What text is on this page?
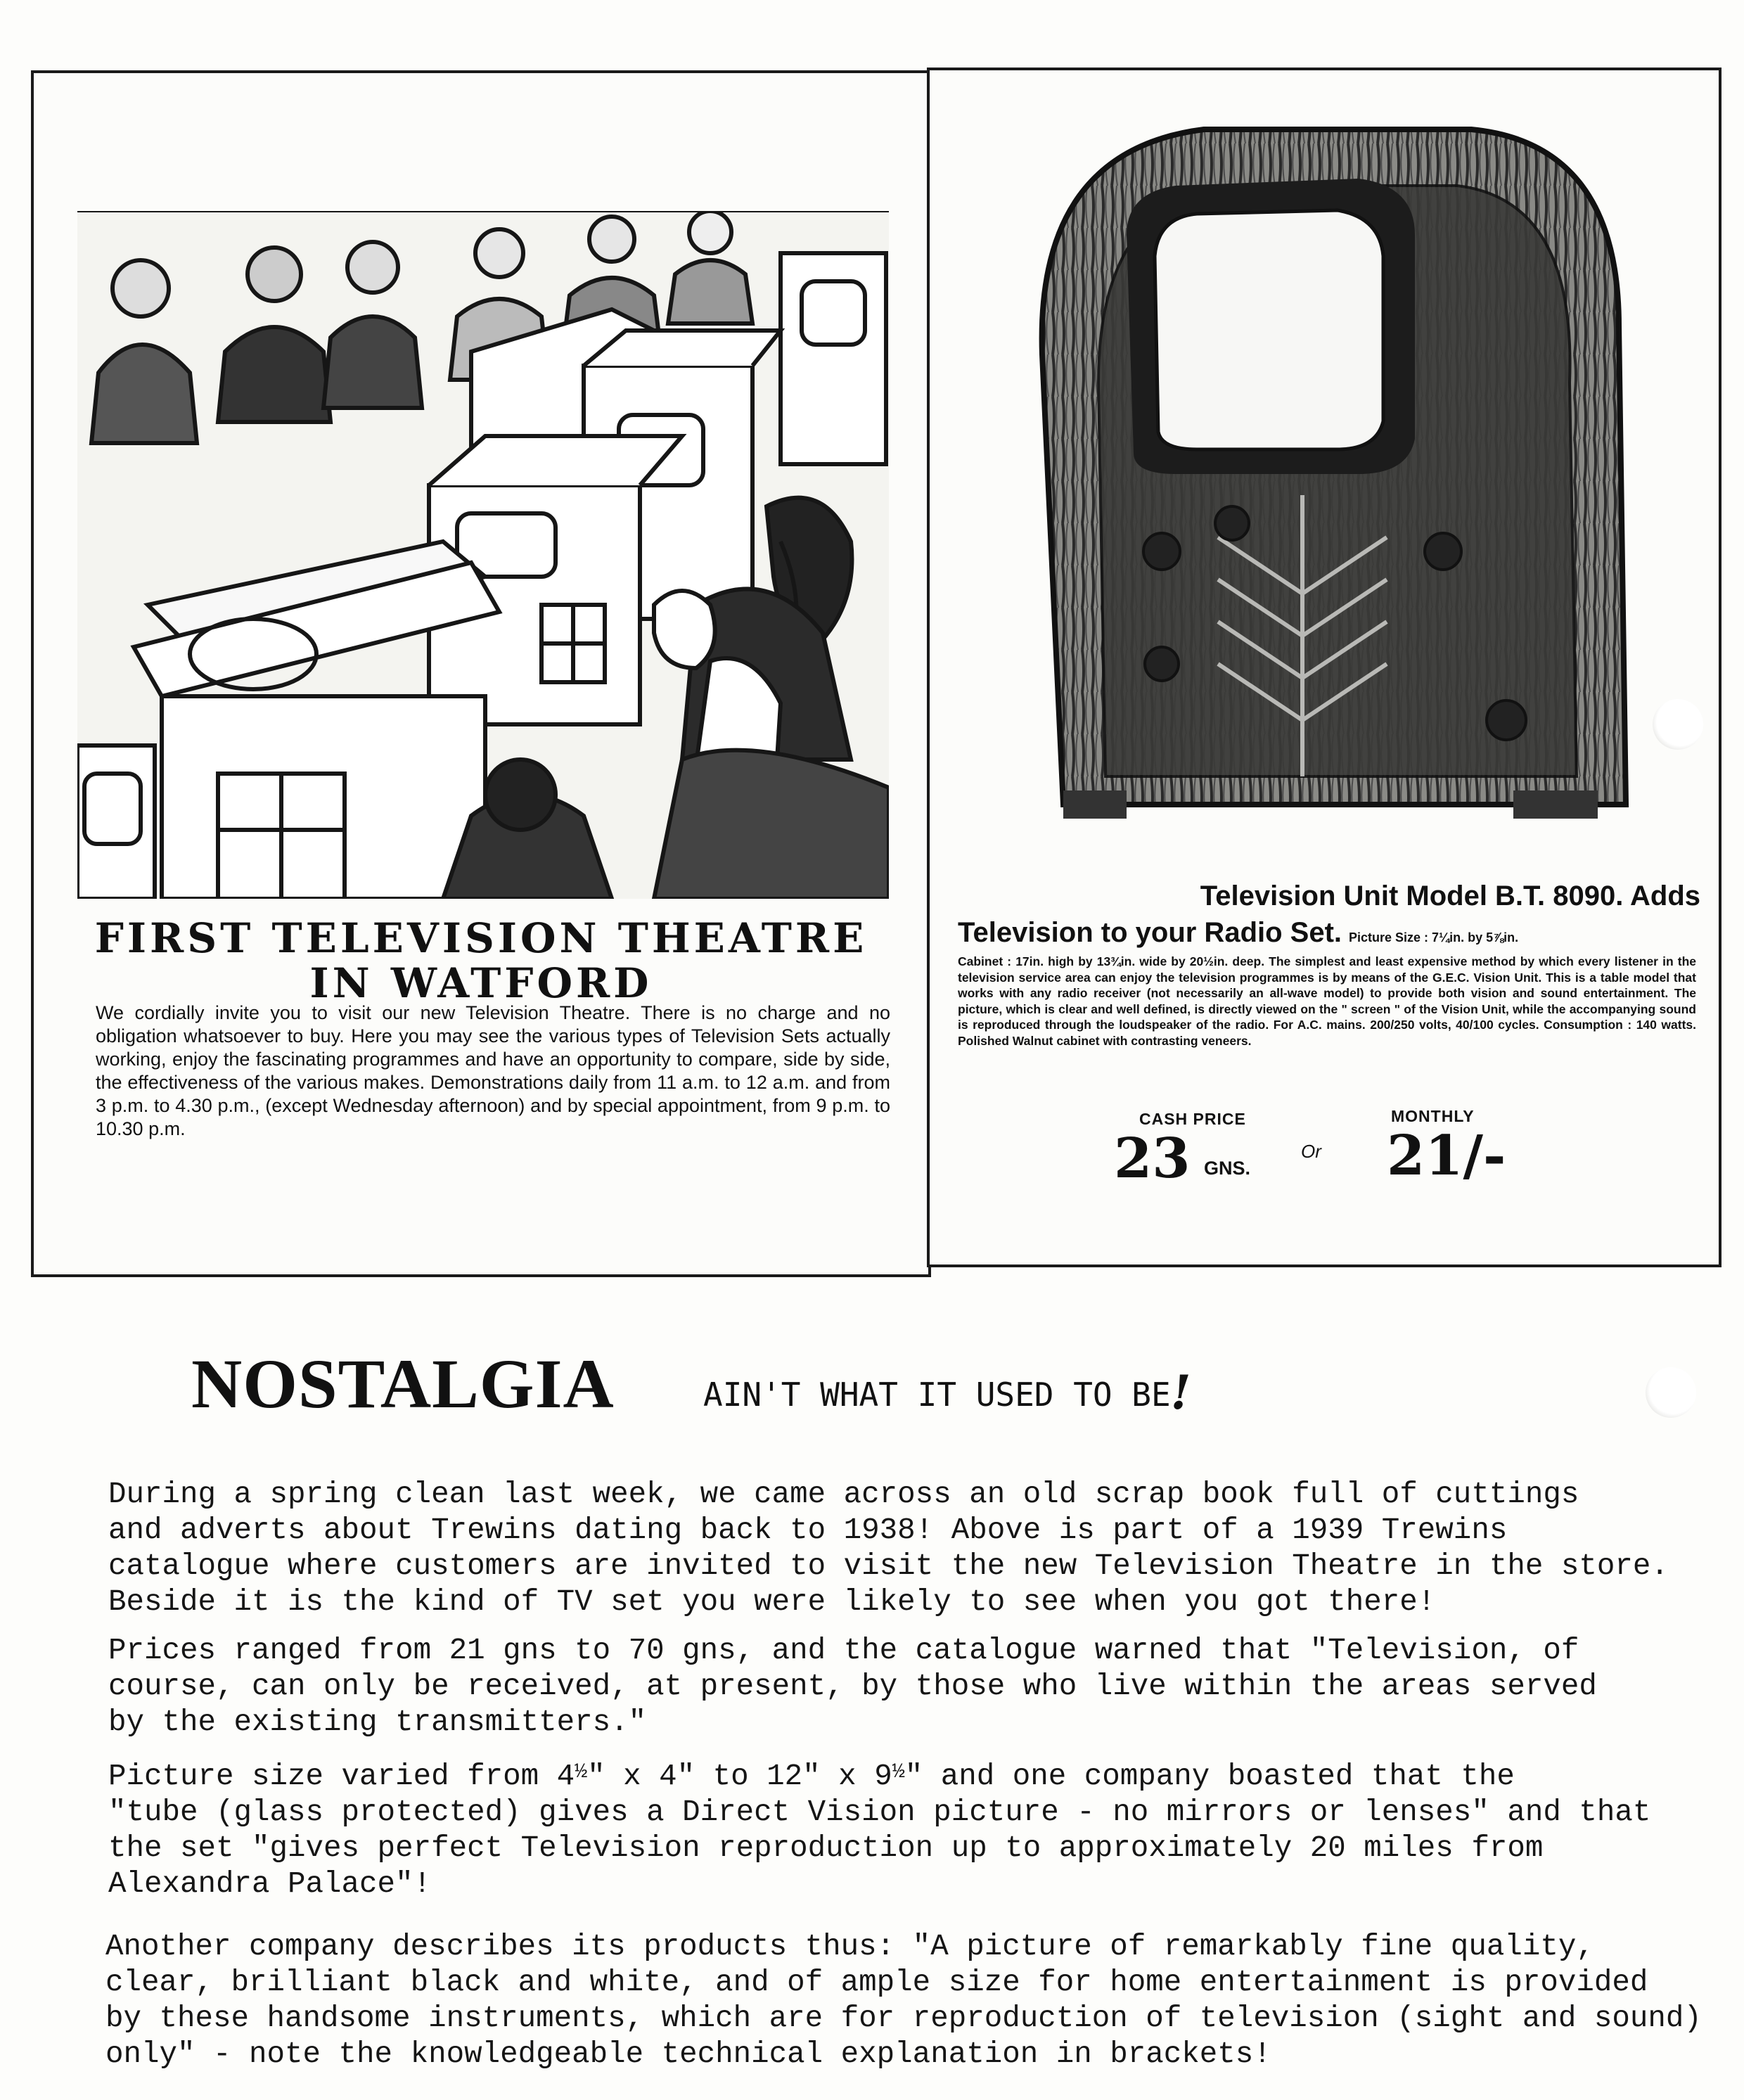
FIRST TELEVISION THEATRE
IN WATFORD

We cordially invite you to visit our new Television Theatre. There is no charge and no obligation whatsoever to buy. Here you may see the various types of Television Sets actually working, enjoy the fascinating programmes and have an opportunity to compare, side by side, the effectiveness of the various makes. Demonstrations daily from 11 a.m. to 12 a.m. and from 3 p.m. to 4.30 p.m., (except Wednesday afternoon) and by special appointment, from 9 p.m. to 10.30 p.m.

Television Unit Model B.T. 8090. Adds
Television to your Radio Set. Picture Size : 7¼in. by 5⅞in.

Cabinet : 17in. high by 13¾in. wide by 20½in. deep. The simplest and least expensive method by which every listener in the television service area can enjoy the television programmes is by means of the G.E.C. Vision Unit. This is a table model that works with any radio receiver (not necessarily an all-wave model) to provide both vision and sound entertainment. The picture, which is clear and well defined, is directly viewed on the " screen " of the Vision Unit, while the accompanying sound is reproduced through the loudspeaker of the radio. For A.C. mains. 200/250 volts, 40/100 cycles. Consumption : 140 watts. Polished Walnut cabinet with contrasting veneers.

CASH PRICE
23 GNS.
Or
MONTHLY
21/-
NOSTALGIA	AIN'T WHAT IT USED TO BE!

During a spring clean last week, we came across an old scrap book full of cuttings
and adverts about Trewins dating back to 1938! Above is part of a 1939 Trewins
catalogue where customers are invited to visit the new Television Theatre in the store.
Beside it is the kind of TV set you were likely to see when you got there!

Prices ranged from 21 gns to 70 gns, and the catalogue warned that "Television, of
course, can only be received, at present, by those who live within the areas served
by the existing transmitters."

Picture size varied from $4^{\frac{1}{2}}$" x 4" to 12" x $9^{\frac{1}{2}}$" and one company boasted that the
"tube (glass protected) gives a Direct Vision picture - no mirrors or lenses" and that
the set "gives perfect Television reproduction up to approximately 20 miles from
Alexandra Palace"!

Another company describes its products thus: "A picture of remarkably fine quality,
clear, brilliant black and white, and of ample size for home entertainment is provided
by these handsome instruments, which are for reproduction of television (sight and sound)
only" - note the knowledgeable technical explanation in brackets!
